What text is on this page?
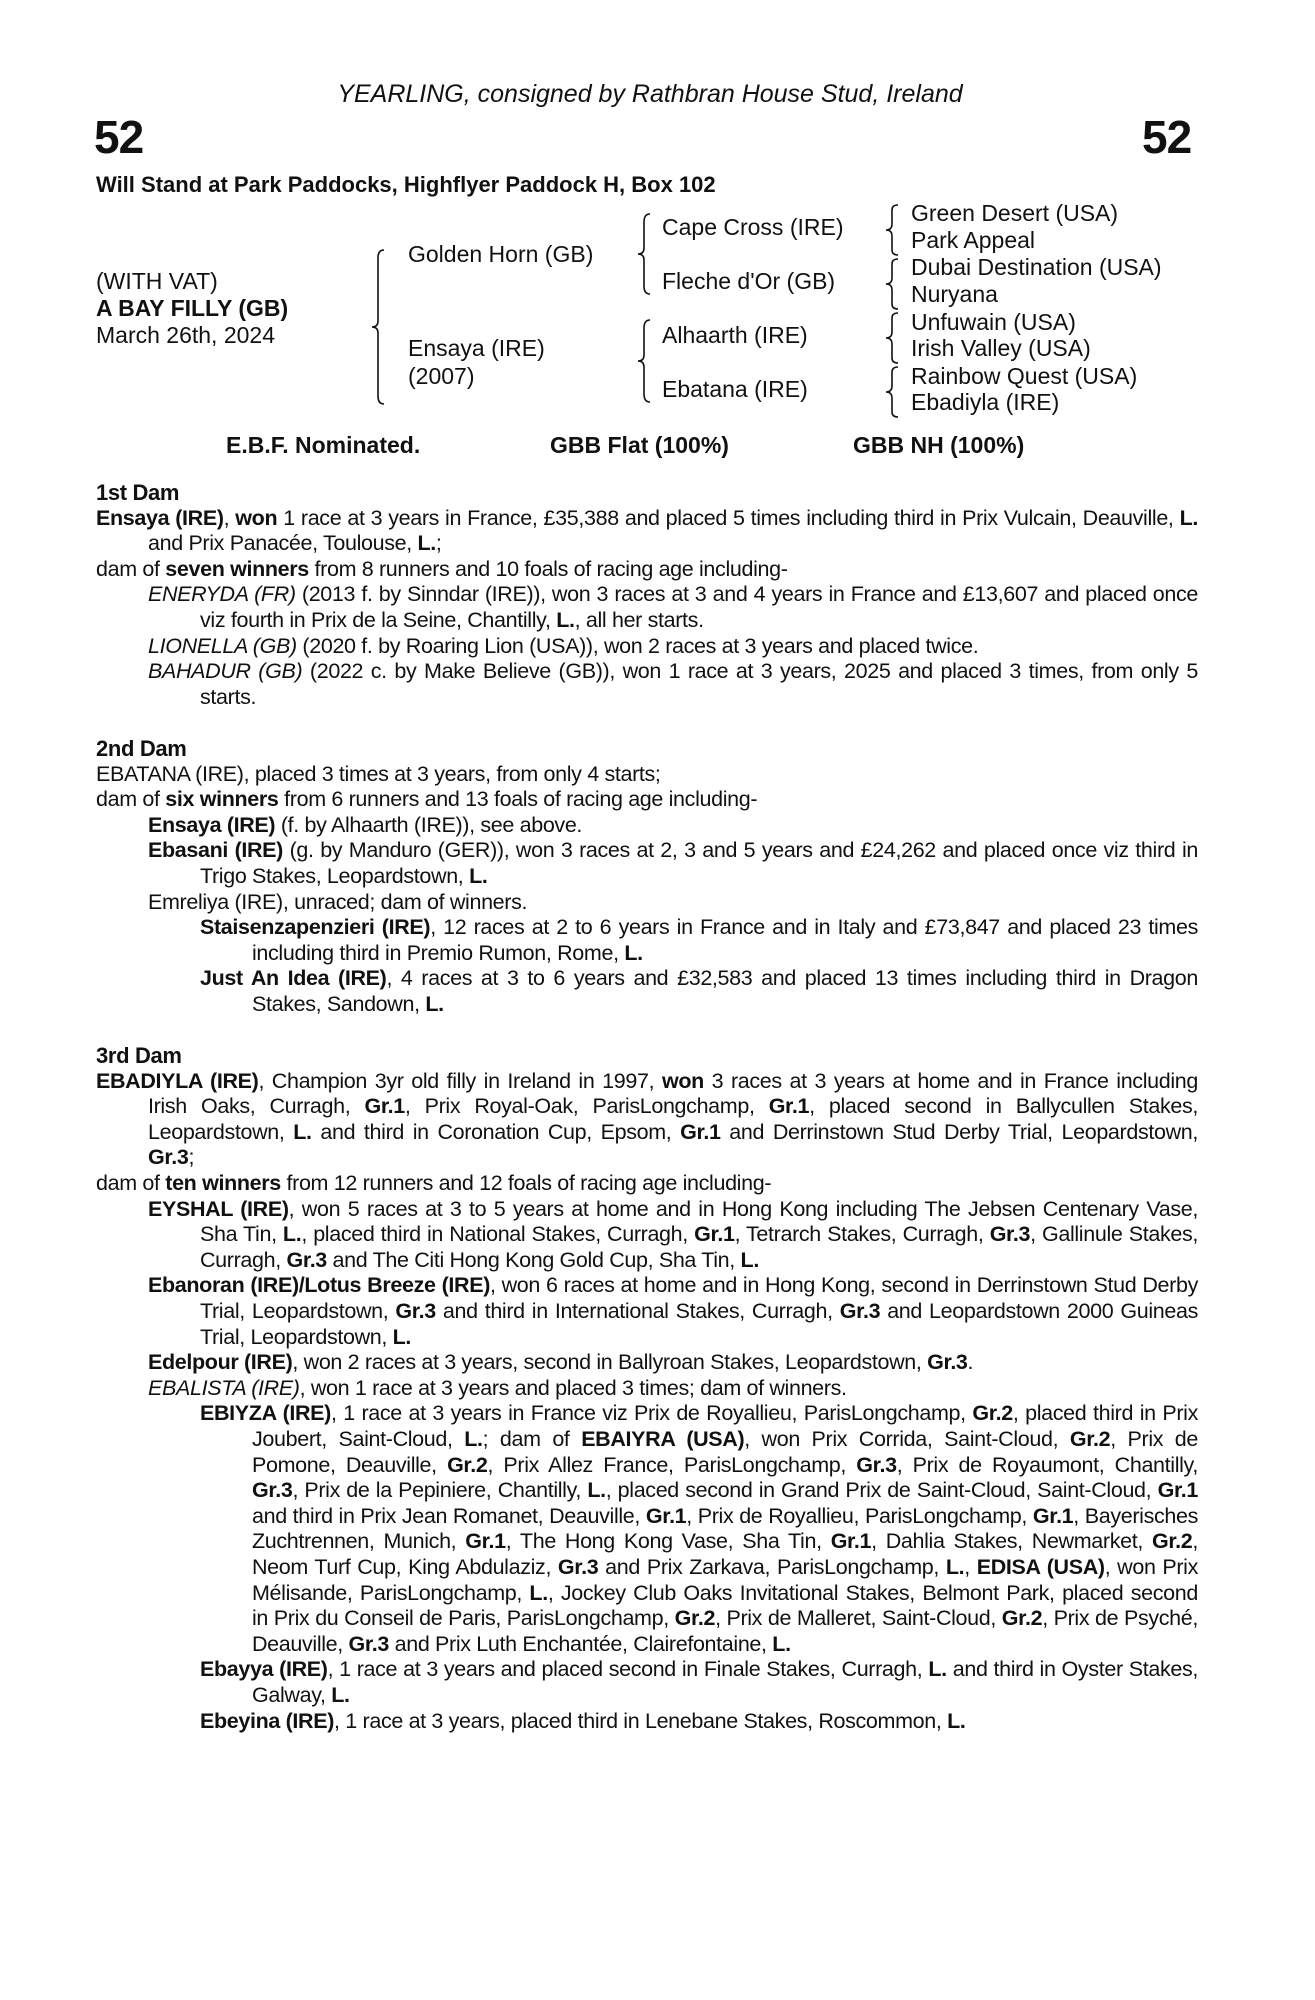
YEARLING, consigned by Rathbran House Stud, Ireland
52	52
Will Stand at Park Paddocks, Highflyer Paddock H, Box 102
(WITH VAT)
A BAY FILLY (GB)
March 26th, 2024
Golden Horn (GB)
Ensaya (IRE)
(2007)
Cape Cross (IRE)
Fleche d'Or (GB)
Alhaarth (IRE)
Ebatana (IRE)
Green Desert (USA)
Park Appeal
Dubai Destination (USA)
Nuryana
Unfuwain (USA)
Irish Valley (USA)
Rainbow Quest (USA)
Ebadiyla (IRE)
E.B.F. Nominated.	GBB Flat (100%)	GBB NH (100%)
1st Dam
Ensaya (IRE), won 1 race at 3 years in France, £35,388 and placed 5 times including third in Prix Vulcain, Deauville, L. and Prix Panacée, Toulouse, L.;
dam of seven winners from 8 runners and 10 foals of racing age including-
ENERYDA (FR) (2013 f. by Sinndar (IRE)), won 3 races at 3 and 4 years in France and £13,607 and placed once viz fourth in Prix de la Seine, Chantilly, L., all her starts.
LIONELLA (GB) (2020 f. by Roaring Lion (USA)), won 2 races at 3 years and placed twice.
BAHADUR (GB) (2022 c. by Make Believe (GB)), won 1 race at 3 years, 2025 and placed 3 times, from only 5 starts.
2nd Dam
EBATANA (IRE), placed 3 times at 3 years, from only 4 starts;
dam of six winners from 6 runners and 13 foals of racing age including-
Ensaya (IRE) (f. by Alhaarth (IRE)), see above.
Ebasani (IRE) (g. by Manduro (GER)), won 3 races at 2, 3 and 5 years and £24,262 and placed once viz third in Trigo Stakes, Leopardstown, L.
Emreliya (IRE), unraced; dam of winners.
Staisenzapenzieri (IRE), 12 races at 2 to 6 years in France and in Italy and £73,847 and placed 23 times including third in Premio Rumon, Rome, L.
Just An Idea (IRE), 4 races at 3 to 6 years and £32,583 and placed 13 times including third in Dragon Stakes, Sandown, L.
3rd Dam
EBADIYLA (IRE), Champion 3yr old filly in Ireland in 1997, won 3 races at 3 years at home and in France including Irish Oaks, Curragh, Gr.1, Prix Royal-Oak, ParisLongchamp, Gr.1, placed second in Ballycullen Stakes, Leopardstown, L. and third in Coronation Cup, Epsom, Gr.1 and Derrinstown Stud Derby Trial, Leopardstown, Gr.3;
dam of ten winners from 12 runners and 12 foals of racing age including-
EYSHAL (IRE), won 5 races at 3 to 5 years at home and in Hong Kong including The Jebsen Centenary Vase, Sha Tin, L., placed third in National Stakes, Curragh, Gr.1, Tetrarch Stakes, Curragh, Gr.3, Gallinule Stakes, Curragh, Gr.3 and The Citi Hong Kong Gold Cup, Sha Tin, L.
Ebanoran (IRE)/Lotus Breeze (IRE), won 6 races at home and in Hong Kong, second in Derrinstown Stud Derby Trial, Leopardstown, Gr.3 and third in International Stakes, Curragh, Gr.3 and Leopardstown 2000 Guineas Trial, Leopardstown, L.
Edelpour (IRE), won 2 races at 3 years, second in Ballyroan Stakes, Leopardstown, Gr.3.
EBALISTA (IRE), won 1 race at 3 years and placed 3 times; dam of winners.
EBIYZA (IRE), 1 race at 3 years in France viz Prix de Royallieu, ParisLongchamp, Gr.2, placed third in Prix Joubert, Saint-Cloud, L.; dam of EBAIYRA (USA), won Prix Corrida, Saint-Cloud, Gr.2, Prix de Pomone, Deauville, Gr.2, Prix Allez France, ParisLongchamp, Gr.3, Prix de Royaumont, Chantilly, Gr.3, Prix de la Pepiniere, Chantilly, L., placed second in Grand Prix de Saint-Cloud, Saint-Cloud, Gr.1 and third in Prix Jean Romanet, Deauville, Gr.1, Prix de Royallieu, ParisLongchamp, Gr.1, Bayerisches Zuchtrennen, Munich, Gr.1, The Hong Kong Vase, Sha Tin, Gr.1, Dahlia Stakes, Newmarket, Gr.2, Neom Turf Cup, King Abdulaziz, Gr.3 and Prix Zarkava, ParisLongchamp, L., EDISA (USA), won Prix Mélisande, ParisLongchamp, L., Jockey Club Oaks Invitational Stakes, Belmont Park, placed second in Prix du Conseil de Paris, ParisLongchamp, Gr.2, Prix de Malleret, Saint-Cloud, Gr.2, Prix de Psyché, Deauville, Gr.3 and Prix Luth Enchantée, Clairefontaine, L.
Ebayya (IRE), 1 race at 3 years and placed second in Finale Stakes, Curragh, L. and third in Oyster Stakes, Galway, L.
Ebeyina (IRE), 1 race at 3 years, placed third in Lenebane Stakes, Roscommon, L.
